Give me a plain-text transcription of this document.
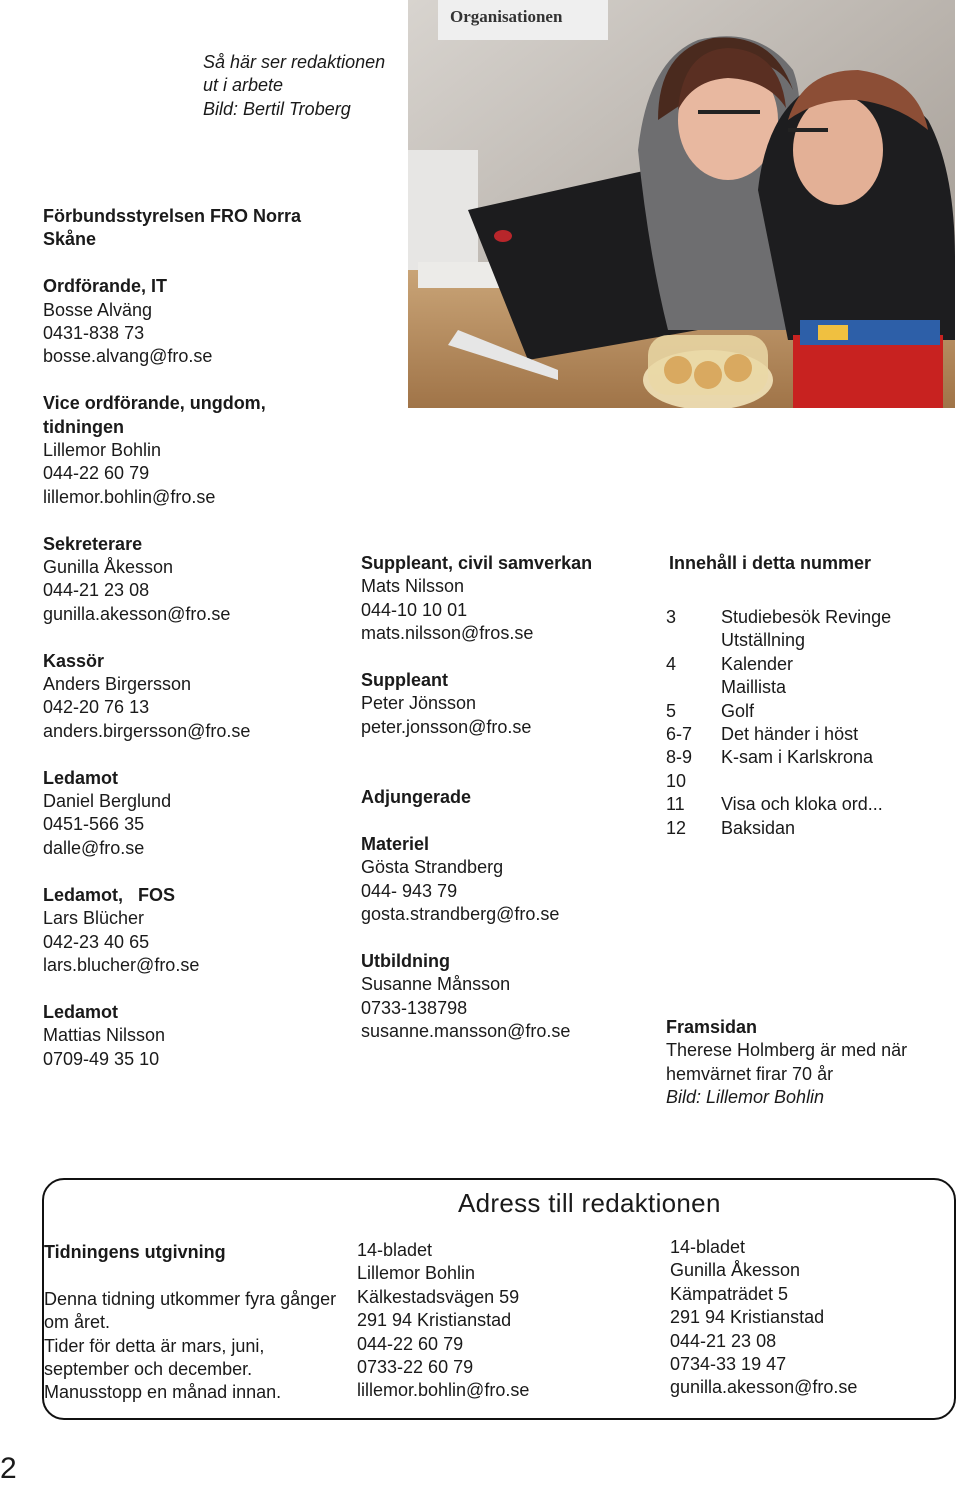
Så här ser redaktionen
ut i arbete
Bild: Bertil Troberg
Organisationen
Förbundsstyrelsen FRO Norra
Skåne
Ordförande, IT
Bosse Alväng
0431-838 73
bosse.alvang@fro.se
Vice ordförande, ungdom,
tidningen
Lillemor Bohlin
044-22 60 79
lillemor.bohlin@fro.se
Sekreterare
Gunilla Åkesson
044-21 23 08
gunilla.akesson@fro.se
Kassör
Anders Birgersson
042-20 76 13
anders.birgersson@fro.se
Ledamot
Daniel Berglund
0451-566 35
dalle@fro.se
Ledamot,   FOS
Lars Blücher
042-23 40 65
lars.blucher@fro.se
Ledamot
Mattias Nilsson
0709-49 35 10
Suppleant, civil samverkan
Mats Nilsson
044-10 10 01
mats.nilsson@fros.se
Suppleant
Peter Jönsson
peter.jonsson@fro.se
Adjungerade
Materiel
Gösta Strandberg
044- 943 79
gosta.strandberg@fro.se
Utbildning
Susanne Månsson
0733-138798
susanne.mansson@fro.se
Innehåll i detta nummer
3	Studiebesök Revinge
Utställning
4	Kalender
Maillista
5	Golf
6-7	Det händer i höst
8-9	K-sam i Karlskrona
10
11	Visa och kloka ord...
12	Baksidan
Framsidan
Therese Holmberg är med när
hemvärnet firar 70 år
Bild: Lillemor Bohlin
Adress till redaktionen
Tidningens utgivning
Denna tidning utkommer fyra gånger
om året.
Tider för detta är mars, juni,
september och december.
Manusstopp en månad innan.
14-bladet
Lillemor Bohlin
Kälkestadsvägen 59
291 94 Kristianstad
044-22 60 79
0733-22 60 79
lillemor.bohlin@fro.se
14-bladet
Gunilla Åkesson
Kämpaträdet 5
291 94 Kristianstad
044-21 23 08
0734-33 19 47
gunilla.akesson@fro.se
2
